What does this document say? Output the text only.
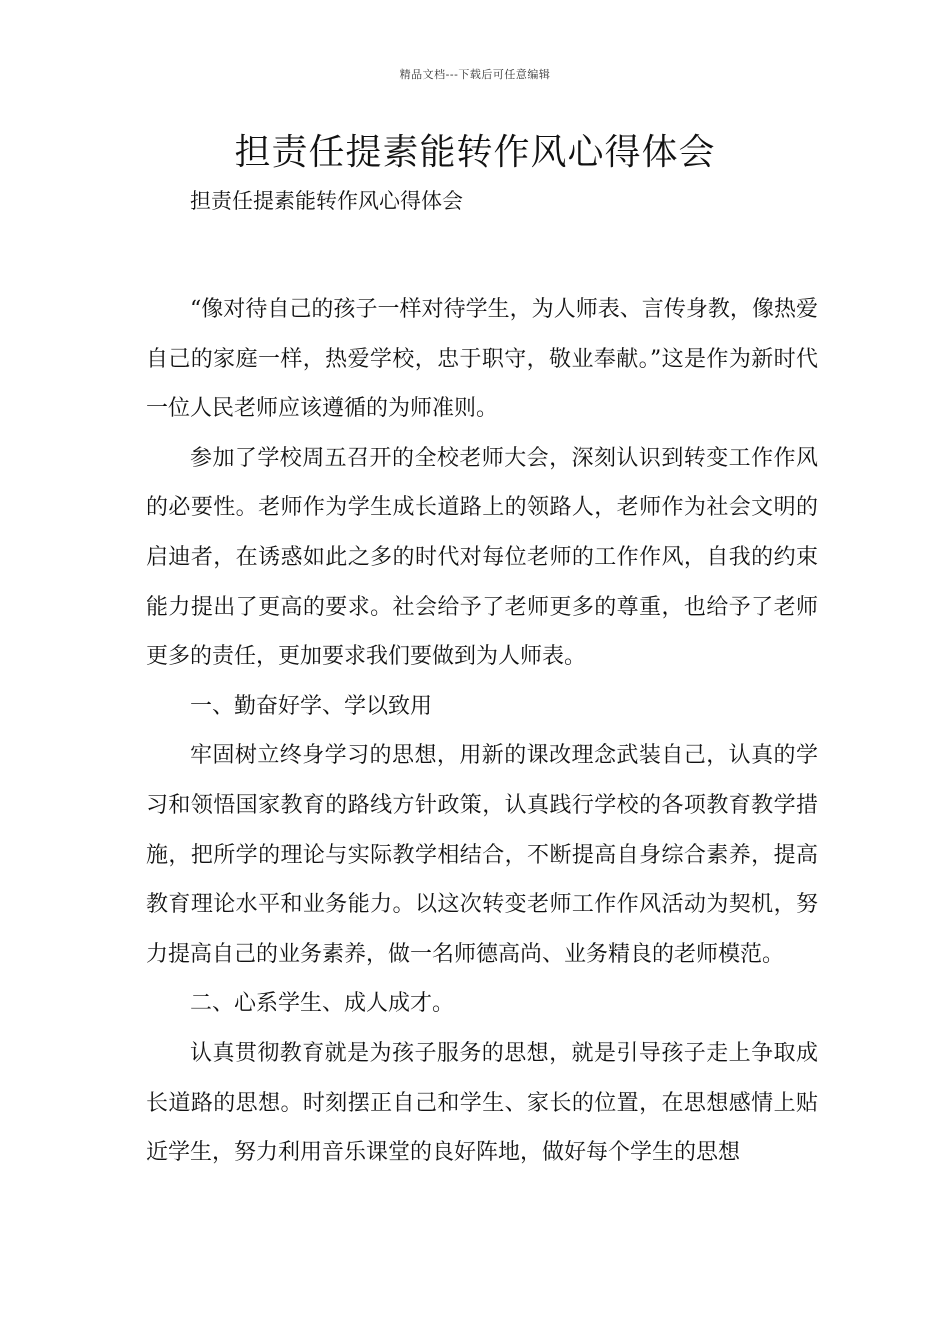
精品文档---下载后可任意编辑
担责任提素能转作风心得体会

担责任提素能转作风心得体会

“像对待自己的孩子一样对待学生，为人师表、言传身教，像热爱自己的家庭一样，热爱学校，忠于职守，敬业奉献。”这是作为新时代一位人民老师应该遵循的为师准则。

参加了学校周五召开的全校老师大会，深刻认识到转变工作作风的必要性。老师作为学生成长道路上的领路人，老师作为社会文明的启迪者，在诱惑如此之多的时代对每位老师的工作作风，自我的约束能力提出了更高的要求。社会给予了老师更多的尊重，也给予了老师更多的责任，更加要求我们要做到为人师表。

一、勤奋好学、学以致用

牢固树立终身学习的思想，用新的课改理念武装自己，认真的学习和领悟国家教育的路线方针政策，认真践行学校的各项教育教学措施，把所学的理论与实际教学相结合，不断提高自身综合素养，提高教育理论水平和业务能力。以这次转变老师工作作风活动为契机，努力提高自己的业务素养，做一名师德高尚、业务精良的老师模范。

二、心系学生、成人成才。

认真贯彻教育就是为孩子服务的思想，就是引导孩子走上争取成长道路的思想。时刻摆正自己和学生、家长的位置，在思想感情上贴近学生，努力利用音乐课堂的良好阵地，做好每个学生的思想
